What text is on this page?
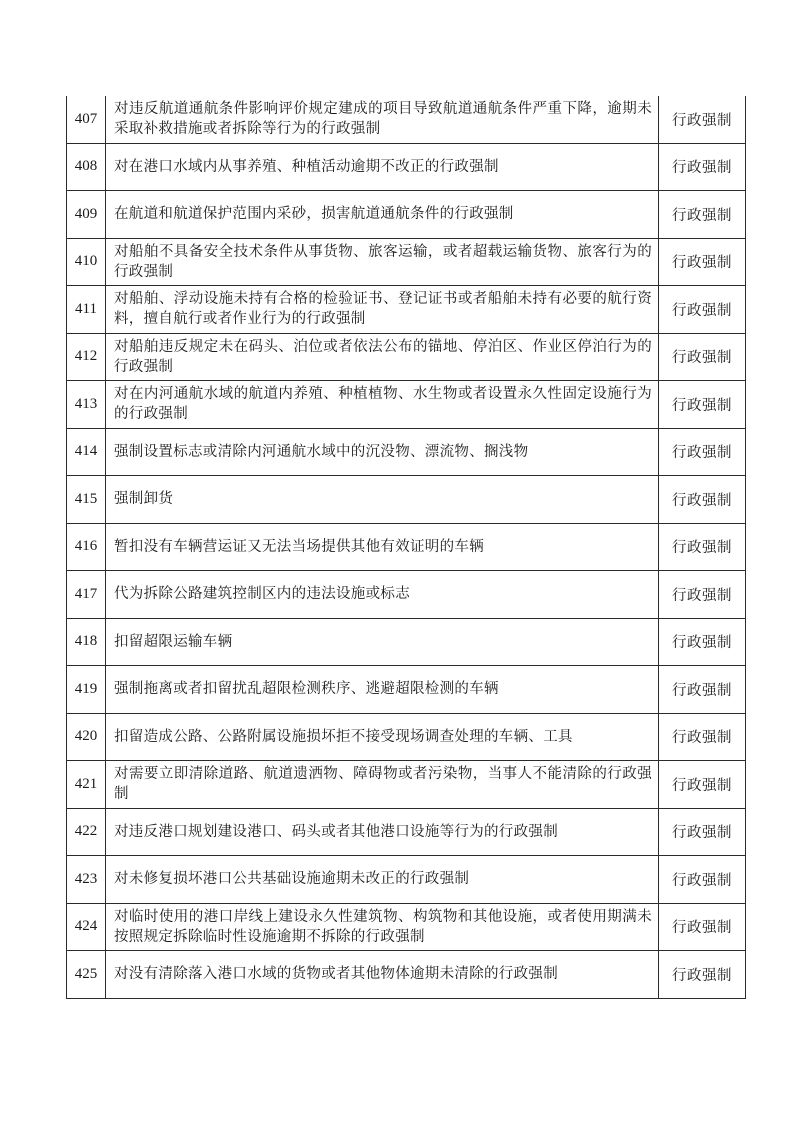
407	对违反航道通航条件影响评价规定建成的项目导致航道通航条件严重下降，逾期未采取补救措施或者拆除等行为的行政强制	行政强制
408	对在港口水域内从事养殖、种植活动逾期不改正的行政强制	行政强制
409	在航道和航道保护范围内采砂，损害航道通航条件的行政强制	行政强制
410	对船舶不具备安全技术条件从事货物、旅客运输，或者超载运输货物、旅客行为的行政强制	行政强制
411	对船舶、浮动设施未持有合格的检验证书、登记证书或者船舶未持有必要的航行资料，擅自航行或者作业行为的行政强制	行政强制
412	对船舶违反规定未在码头、泊位或者依法公布的锚地、停泊区、作业区停泊行为的行政强制	行政强制
413	对在内河通航水域的航道内养殖、种植植物、水生物或者设置永久性固定设施行为的行政强制	行政强制
414	强制设置标志或清除内河通航水域中的沉没物、漂流物、搁浅物	行政强制
415	强制卸货	行政强制
416	暂扣没有车辆营运证又无法当场提供其他有效证明的车辆	行政强制
417	代为拆除公路建筑控制区内的违法设施或标志	行政强制
418	扣留超限运输车辆	行政强制
419	强制拖离或者扣留扰乱超限检测秩序、逃避超限检测的车辆	行政强制
420	扣留造成公路、公路附属设施损坏拒不接受现场调查处理的车辆、工具	行政强制
421	对需要立即清除道路、航道遗洒物、障碍物或者污染物，当事人不能清除的行政强制	行政强制
422	对违反港口规划建设港口、码头或者其他港口设施等行为的行政强制	行政强制
423	对未修复损坏港口公共基础设施逾期未改正的行政强制	行政强制
424	对临时使用的港口岸线上建设永久性建筑物、构筑物和其他设施，或者使用期满未按照规定拆除临时性设施逾期不拆除的行政强制	行政强制
425	对没有清除落入港口水域的货物或者其他物体逾期未清除的行政强制	行政强制
